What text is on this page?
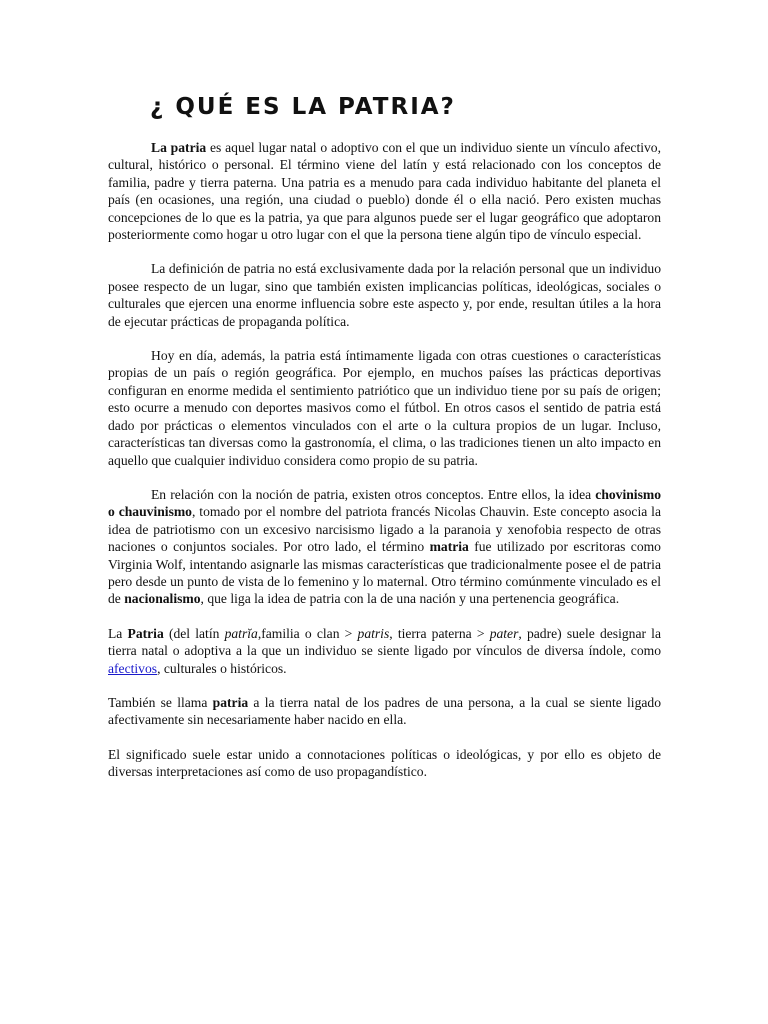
¿ QUÉ ES LA PATRIA?

La patria es aquel lugar natal o adoptivo con el que un individuo siente un vínculo afectivo, cultural, histórico o personal. El término viene del latín y está relacionado con los conceptos de familia, padre y tierra paterna. Una patria es a menudo para cada individuo habitante del planeta el país (en ocasiones, una región, una ciudad o pueblo) donde él o ella nació. Pero existen muchas concepciones de lo que es la patria, ya que para algunos puede ser el lugar geográfico que adoptaron posteriormente como hogar u otro lugar con el que la persona tiene algún tipo de vínculo especial.

La definición de patria no está exclusivamente dada por la relación personal que un individuo posee respecto de un lugar, sino que también existen implicancias políticas, ideológicas, sociales o culturales que ejercen una enorme influencia sobre este aspecto y, por ende, resultan útiles a la hora de ejecutar prácticas de propaganda política.

Hoy en día, además, la patria está íntimamente ligada con otras cuestiones o características propias de un país o región geográfica. Por ejemplo, en muchos países las prácticas deportivas configuran en enorme medida el sentimiento patriótico que un individuo tiene por su país de origen; esto ocurre a menudo con deportes masivos como el fútbol. En otros casos el sentido de patria está dado por prácticas o elementos vinculados con el arte o la cultura propios de un lugar. Incluso, características tan diversas como la gastronomía, el clima, o las tradiciones tienen un alto impacto en aquello que cualquier individuo considera como propio de su patria.

En relación con la noción de patria, existen otros conceptos. Entre ellos, la idea chovinismo o chauvinismo, tomado por el nombre del patriota francés Nicolas Chauvin. Este concepto asocia la idea de patriotismo con un excesivo narcisismo ligado a la paranoia y xenofobia respecto de otras naciones o conjuntos sociales. Por otro lado, el término matria fue utilizado por escritoras como Virginia Wolf, intentando asignarle las mismas características que tradicionalmente posee el de patria pero desde un punto de vista de lo femenino y lo maternal. Otro término comúnmente vinculado es el de nacionalismo, que liga la idea de patria con la de una nación y una pertenencia geográfica.

La Patria (del latín patrĭa,familia o clan > patris, tierra paterna > pater, padre) suele designar la tierra natal o adoptiva a la que un individuo se siente ligado por vínculos de diversa índole, como afectivos, culturales o históricos.

También se llama patria a la tierra natal de los padres de una persona, a la cual se siente ligado afectivamente sin necesariamente haber nacido en ella.

El significado suele estar unido a connotaciones políticas o ideológicas, y por ello es objeto de diversas interpretaciones así como de uso propagandístico.
